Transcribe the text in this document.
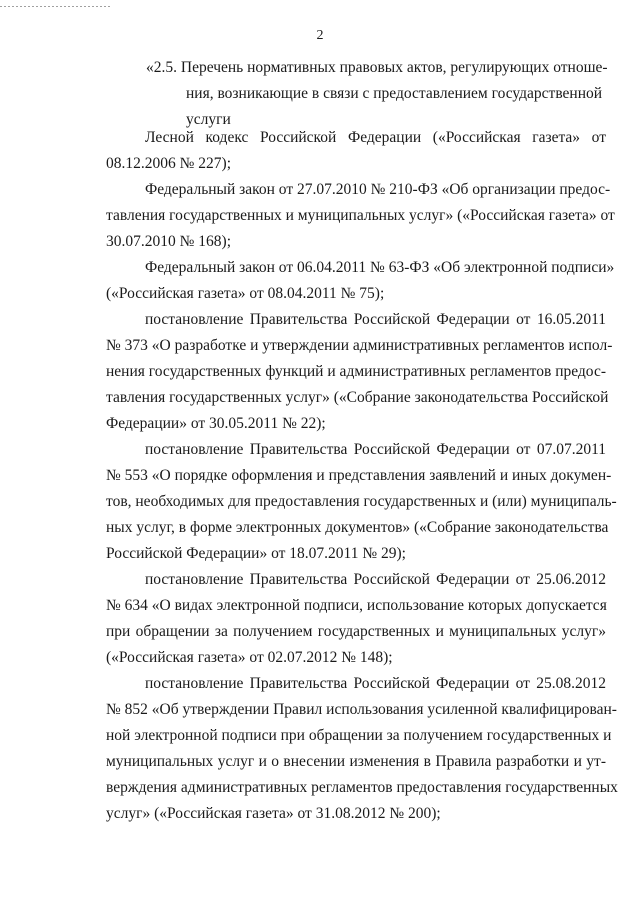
2
«2.5. Перечень нормативных правовых актов, регулирующих отноше-
ния, возникающие в связи с предоставлением государственной
услуги
Лесной кодекс Российской Федерации («Российская газета» от
08.12.2006 № 227);
Федеральный закон от 27.07.2010 № 210-ФЗ «Об организации предос-
тавления государственных и муниципальных услуг» («Российская газета» от
30.07.2010 № 168);
Федеральный закон от 06.04.2011 № 63-ФЗ «Об электронной подписи»
(«Российская газета» от 08.04.2011 № 75);
постановление Правительства Российской Федерации от 16.05.2011
№ 373 «О разработке и утверждении административных регламентов испол-
нения государственных функций и административных регламентов предос-
тавления государственных услуг» («Собрание законодательства Российской
Федерации» от 30.05.2011 № 22);
постановление Правительства Российской Федерации от 07.07.2011
№ 553 «О порядке оформления и представления заявлений и иных докумен-
тов, необходимых для предоставления государственных и (или) муниципаль-
ных услуг, в форме электронных документов» («Собрание законодательства
Российской Федерации» от 18.07.2011 № 29);
постановление Правительства Российской Федерации от 25.06.2012
№ 634 «О видах электронной подписи, использование которых допускается
при обращении за получением государственных и муниципальных услуг»
(«Российская газета» от 02.07.2012 № 148);
постановление Правительства Российской Федерации от 25.08.2012
№ 852 «Об утверждении Правил использования усиленной квалифицирован-
ной электронной подписи при обращении за получением государственных и
муниципальных услуг и о внесении изменения в Правила разработки и ут-
верждения административных регламентов предоставления государственных
услуг» («Российская газета» от 31.08.2012 № 200);
